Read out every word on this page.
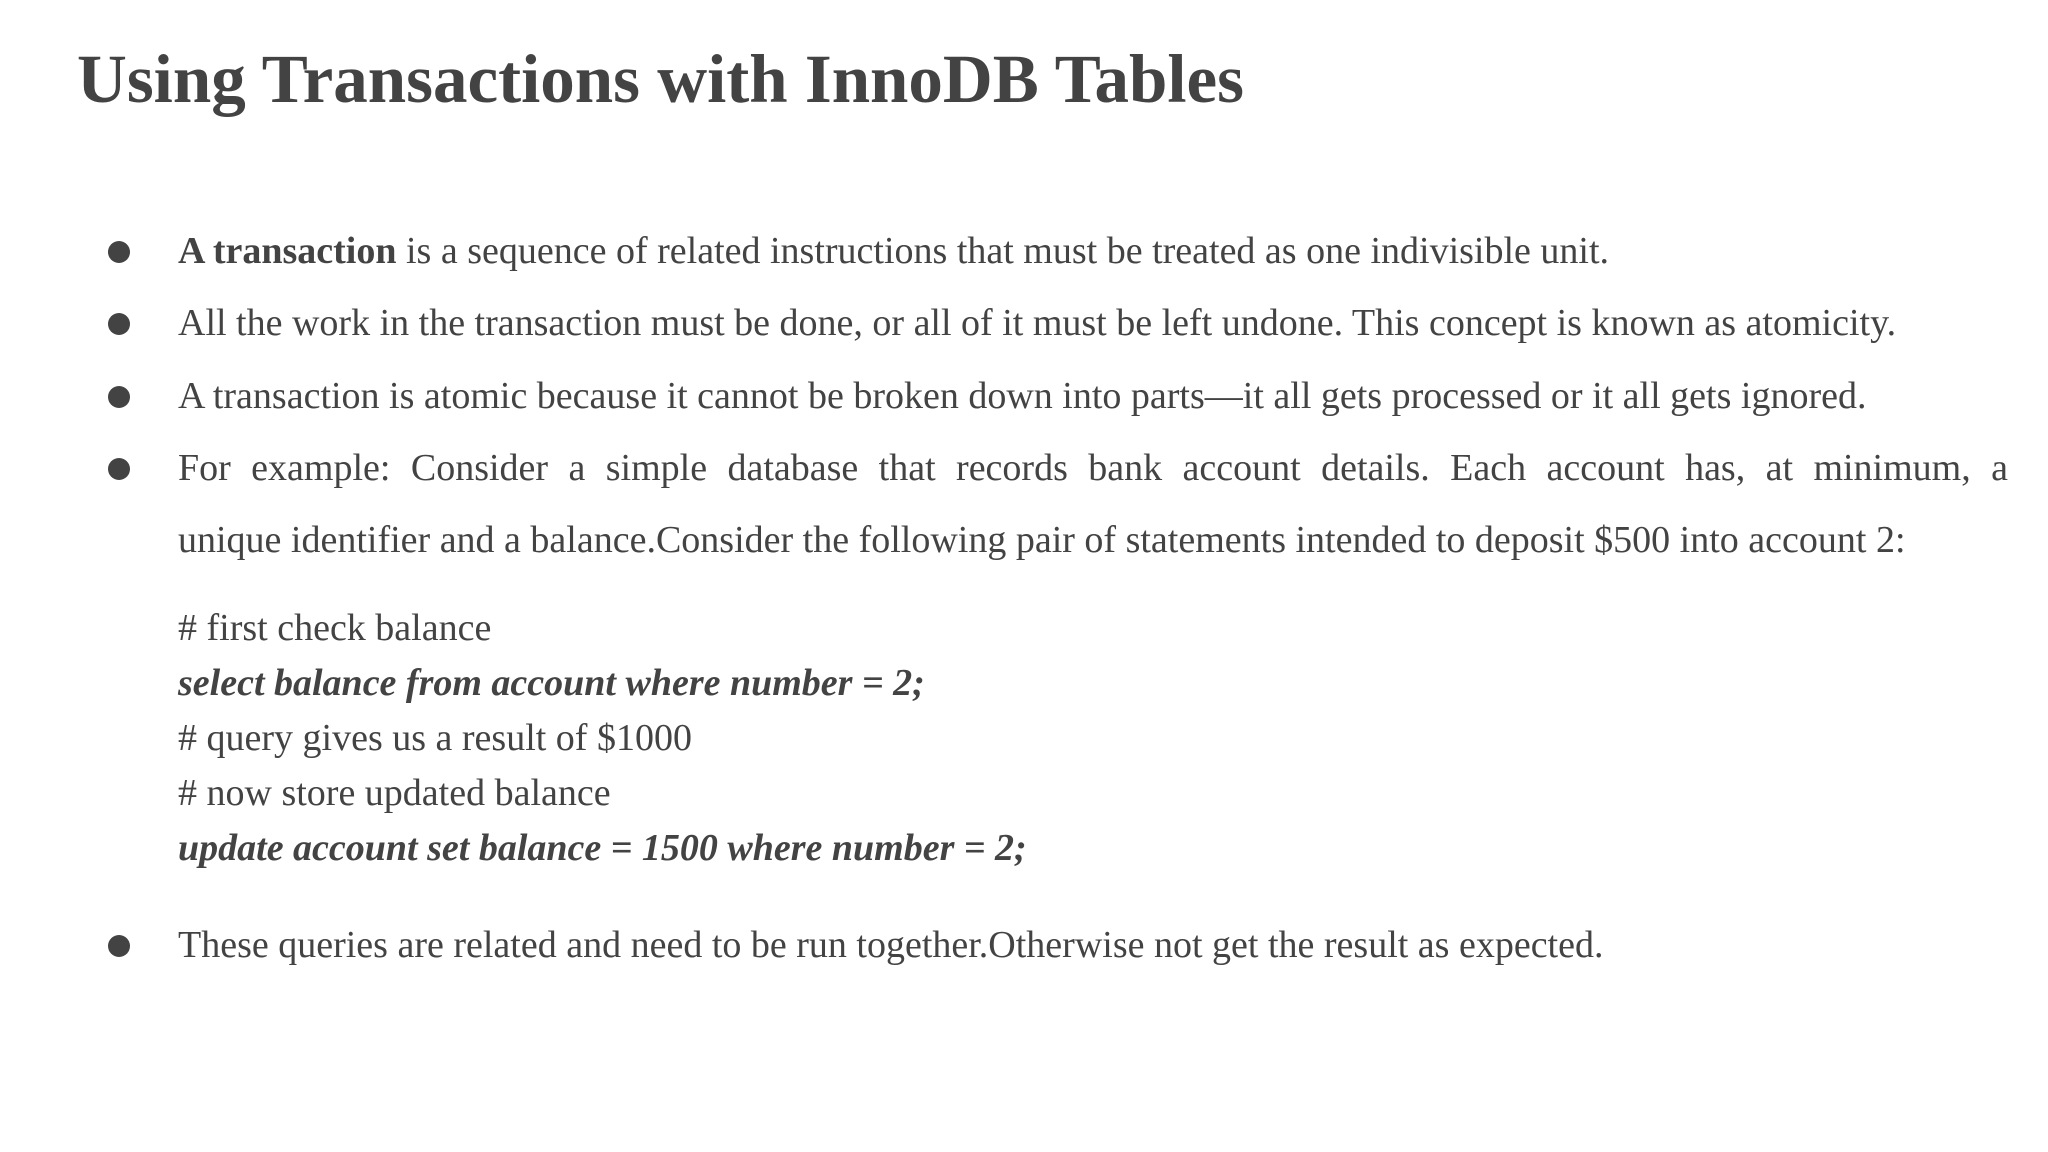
Using Transactions with InnoDB Tables
A transaction is a sequence of related instructions that must be treated as one indivisible unit.
All the work in the transaction must be done, or all of it must be left undone. This concept is known as atomicity.
A transaction is atomic because it cannot be broken down into parts—it all gets processed or it all gets ignored.
For example: Consider a simple database that records bank account details. Each account has, at minimum, a
unique identifier and a balance.Consider the following pair of statements intended to deposit $500 into account 2:
# first check balance
select balance from account where number = 2;
# query gives us a result of $1000
# now store updated balance
update account set balance = 1500 where number = 2;
These queries are related and need to be run together.Otherwise not get the result as expected.
